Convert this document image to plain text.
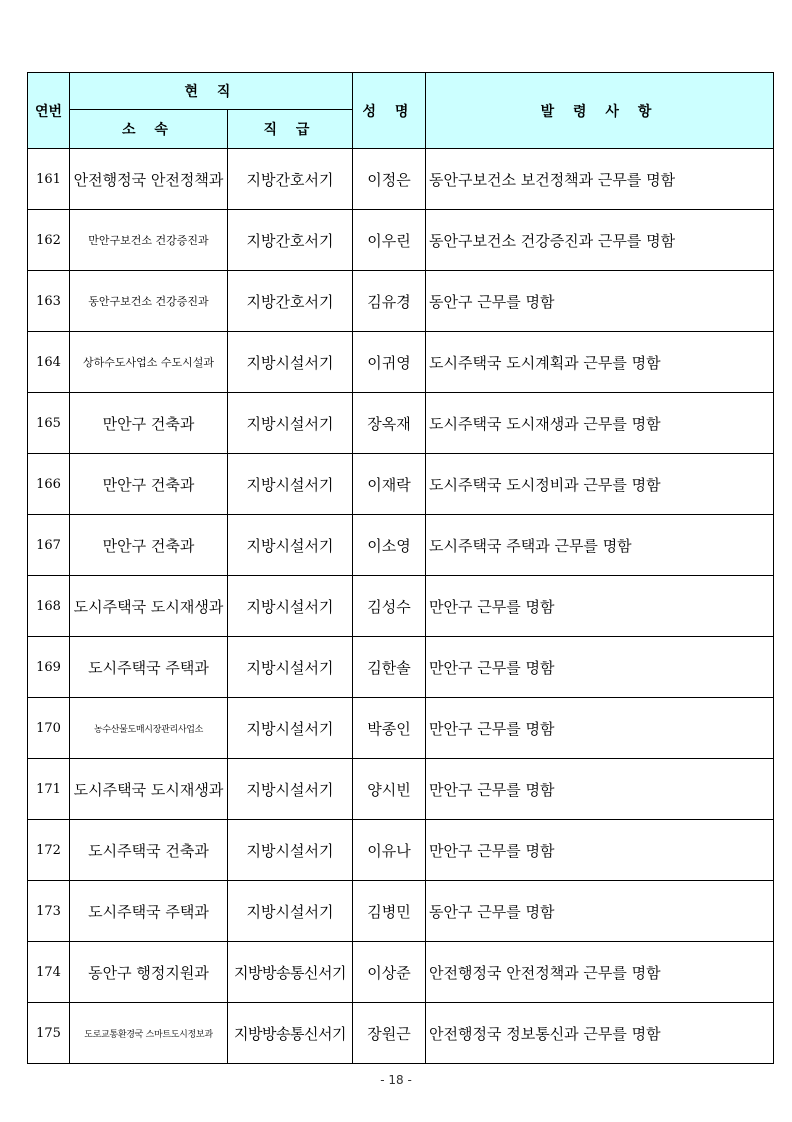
연번	현 직		성 명	발 령 사 항
	소 속	직 급		
161	안전행정국 안전정책과	지방간호서기	이정은	동안구보건소 보건정책과 근무를 명함
162	만안구보건소 건강증진과	지방간호서기	이우린	동안구보건소 건강증진과 근무를 명함
163	동안구보건소 건강증진과	지방간호서기	김유경	동안구 근무를 명함
164	상하수도사업소 수도시설과	지방시설서기	이귀영	도시주택국 도시계획과 근무를 명함
165	만안구 건축과	지방시설서기	장옥재	도시주택국 도시재생과 근무를 명함
166	만안구 건축과	지방시설서기	이재락	도시주택국 도시정비과 근무를 명함
167	만안구 건축과	지방시설서기	이소영	도시주택국 주택과 근무를 명함
168	도시주택국 도시재생과	지방시설서기	김성수	만안구 근무를 명함
169	도시주택국 주택과	지방시설서기	김한솔	만안구 근무를 명함
170	농수산물도매시장관리사업소	지방시설서기	박종인	만안구 근무를 명함
171	도시주택국 도시재생과	지방시설서기	양시빈	만안구 근무를 명함
172	도시주택국 건축과	지방시설서기	이유나	만안구 근무를 명함
173	도시주택국 주택과	지방시설서기	김병민	동안구 근무를 명함
174	동안구 행정지원과	지방방송통신서기	이상준	안전행정국 안전정책과 근무를 명함
175	도로교통환경국 스마트도시정보과	지방방송통신서기	장원근	안전행정국 정보통신과 근무를 명함
- 18 -
